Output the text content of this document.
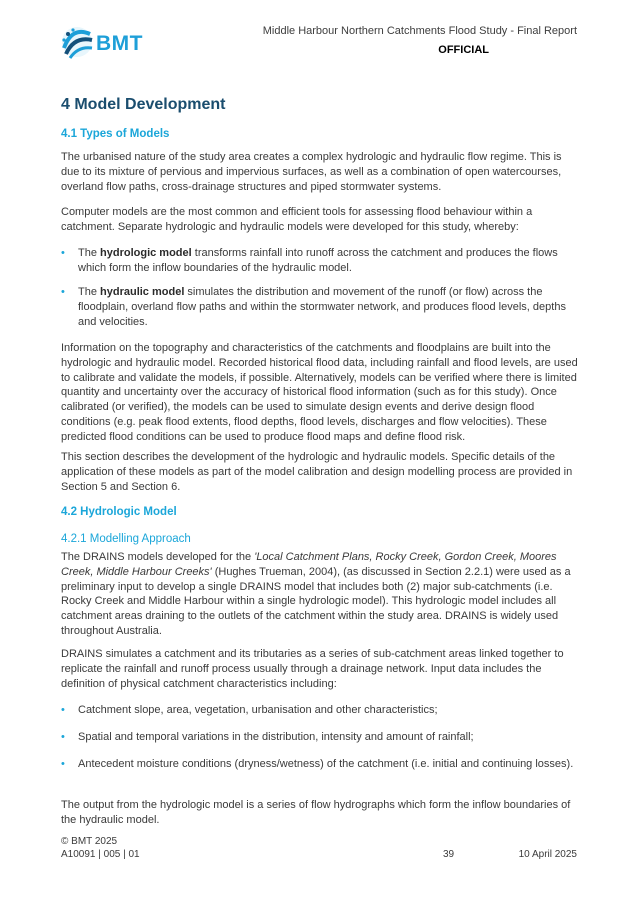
BMT
Middle Harbour Northern Catchments Flood Study - Final Report
OFFICIAL
4 Model Development
4.1 Types of Models

The urbanised nature of the study area creates a complex hydrologic and hydraulic flow regime. This is due to its mixture of pervious and impervious surfaces, as well as a combination of open watercourses, overland flow paths, cross-drainage structures and piped stormwater systems.

Computer models are the most common and efficient tools for assessing flood behaviour within a catchment. Separate hydrologic and hydraulic models were developed for this study, whereby:

• The hydrologic model transforms rainfall into runoff across the catchment and produces the flows which form the inflow boundaries of the hydraulic model.
• The hydraulic model simulates the distribution and movement of the runoff (or flow) across the floodplain, overland flow paths and within the stormwater network, and produces flood levels, depths and velocities.

Information on the topography and characteristics of the catchments and floodplains are built into the hydrologic and hydraulic model. Recorded historical flood data, including rainfall and flood levels, are used to calibrate and validate the models, if possible. Alternatively, models can be verified where there is limited quantity and uncertainty over the accuracy of historical flood information (such as for this study). Once calibrated (or verified), the models can be used to simulate design events and derive design flood conditions (e.g. peak flood extents, flood depths, flood levels, discharges and flow velocities). These predicted flood conditions can be used to produce flood maps and define flood risk.

This section describes the development of the hydrologic and hydraulic models. Specific details of the application of these models as part of the model calibration and design modelling process are provided in Section 5 and Section 6.

4.2 Hydrologic Model
4.2.1 Modelling Approach

The DRAINS models developed for the 'Local Catchment Plans, Rocky Creek, Gordon Creek, Moores Creek, Middle Harbour Creeks' (Hughes Trueman, 2004), (as discussed in Section 2.2.1) were used as a preliminary input to develop a single DRAINS model that includes both (2) major sub-catchments (i.e. Rocky Creek and Middle Harbour within a single hydrologic model). This hydrologic model includes all catchment areas draining to the outlets of the catchment within the study area. DRAINS is widely used throughout Australia.

DRAINS simulates a catchment and its tributaries as a series of sub-catchment areas linked together to replicate the rainfall and runoff process usually through a drainage network. Input data includes the definition of physical catchment characteristics including:

• Catchment slope, area, vegetation, urbanisation and other characteristics;
• Spatial and temporal variations in the distribution, intensity and amount of rainfall;
• Antecedent moisture conditions (dryness/wetness) of the catchment (i.e. initial and continuing losses).

The output from the hydrologic model is a series of flow hydrographs which form the inflow boundaries of the hydraulic model.

© BMT 2025
A10091 | 005 | 01	39	10 April 2025
